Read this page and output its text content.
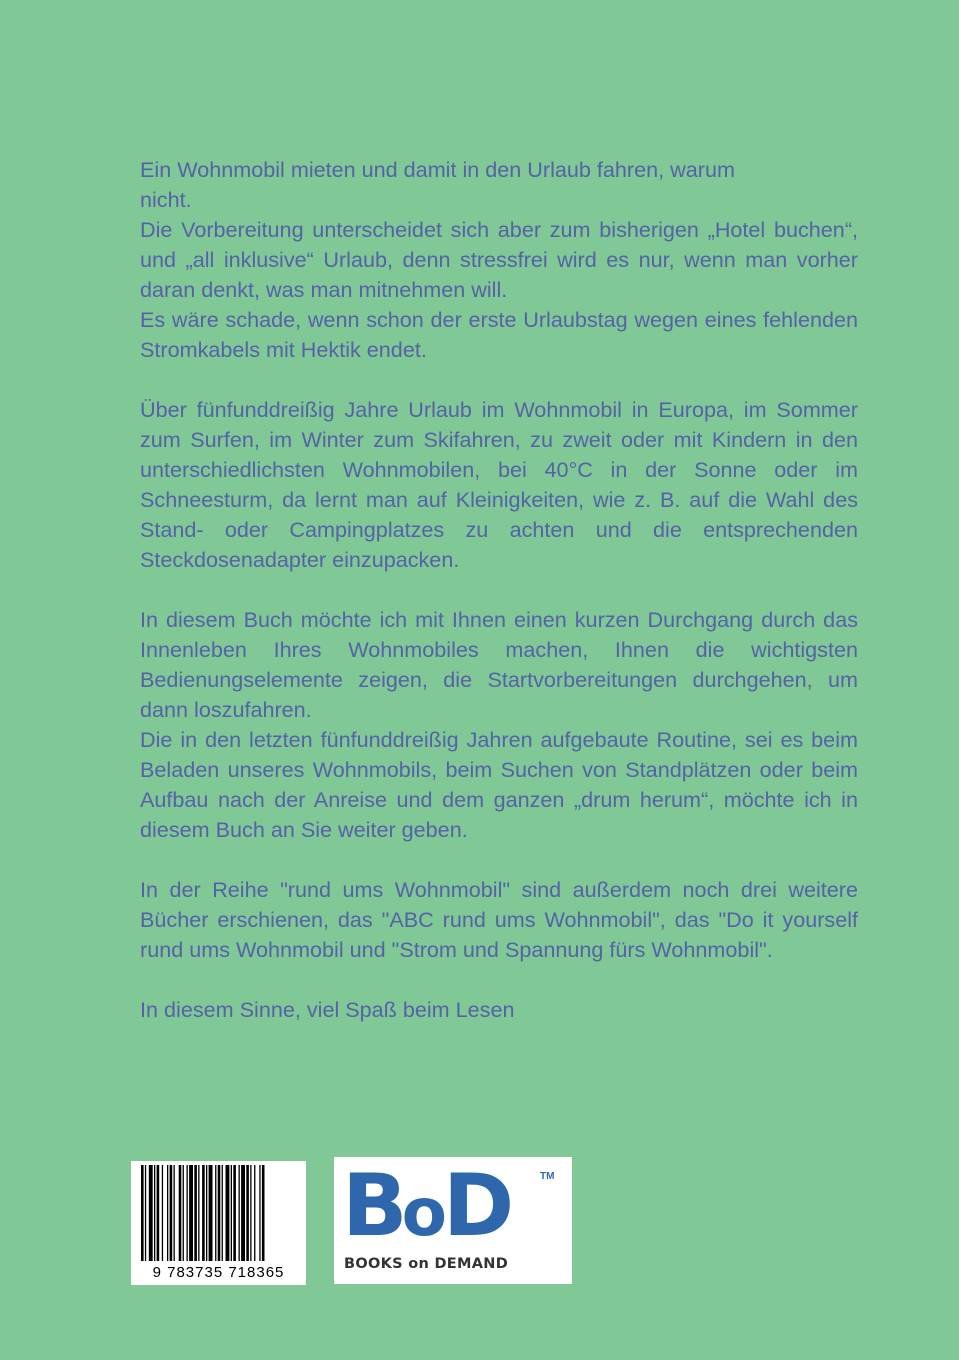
Ein Wohnmobil mieten und damit in den Urlaub fahren, warum
nicht.

Die Vorbereitung unterscheidet sich aber zum bisherigen „Hotel buchen“, und „all inklusive“ Urlaub, denn stressfrei wird es nur, wenn man vorher daran denkt, was man mitnehmen will.

Es wäre schade, wenn schon der erste Urlaubstag wegen eines fehlenden Stromkabels mit Hektik endet.

Über fünfunddreißig Jahre Urlaub im Wohnmobil in Europa, im Sommer zum Surfen, im Winter zum Skifahren, zu zweit oder mit Kindern in den unterschiedlichsten Wohnmobilen, bei 40°C in der Sonne oder im Schneesturm, da lernt man auf Kleinigkeiten, wie z. B. auf die Wahl des Stand- oder Campingplatzes zu achten und die entsprechenden Steckdosenadapter einzupacken.

In diesem Buch möchte ich mit Ihnen einen kurzen Durchgang durch das Innenleben Ihres Wohnmobiles machen, Ihnen die wichtigsten Bedienungselemente zeigen, die Startvorbereitungen durchgehen, um dann loszufahren.

Die in den letzten fünfunddreißig Jahren aufgebaute Routine, sei es beim Beladen unseres Wohnmobils, beim Suchen von Standplätzen oder beim Aufbau nach der Anreise und dem ganzen „drum herum“, möchte ich in diesem Buch an Sie weiter geben.

In der Reihe "rund ums Wohnmobil" sind außerdem noch drei weitere Bücher erschienen, das "ABC rund ums Wohnmobil", das "Do it yourself rund ums Wohnmobil und "Strom und Spannung fürs Wohnmobil".

In diesem Sinne, viel Spaß beim Lesen

9 783735 718365
BoD	TM
BOOKS on DEMAND
